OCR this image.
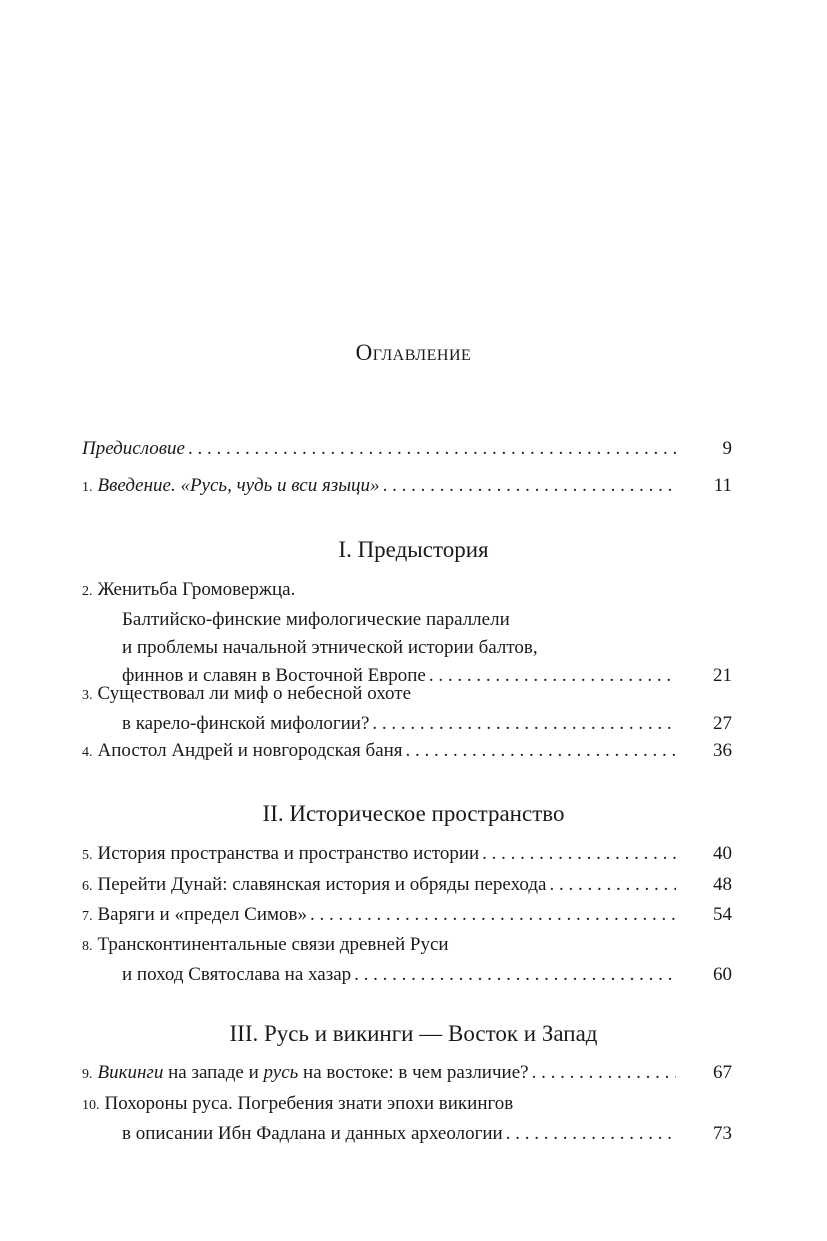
Оглавление
Предисловие . . .	9
1. Введение. «Русь, чудь и вси языци» . . .	11
I. Предыстория
2. Женитьба Громовержца.
Балтийско-финские мифологические параллели
и проблемы начальной этнической истории балтов,
финнов и славян в Восточной Европе . . .	21
3. Существовал ли миф о небесной охоте
в карело-финской мифологии? . . .	27
4. Апостол Андрей и новгородская баня . . .	36
II. Историческое пространство
5. История пространства и пространство истории . . .	40
6. Перейти Дунай: славянская история и обряды перехода . . .	48
7. Варяги и «предел Симов» . . .	54
8. Трансконтинентальные связи древней Руси
и поход Святослава на хазар . . .	60
III. Русь и викинги — Восток и Запад
9. Викинги на западе и русь на востоке: в чем различие? . . .	67
10. Похороны руса. Погребения знати эпохи викингов
в описании Ибн Фадлана и данных археологии . . .	73
